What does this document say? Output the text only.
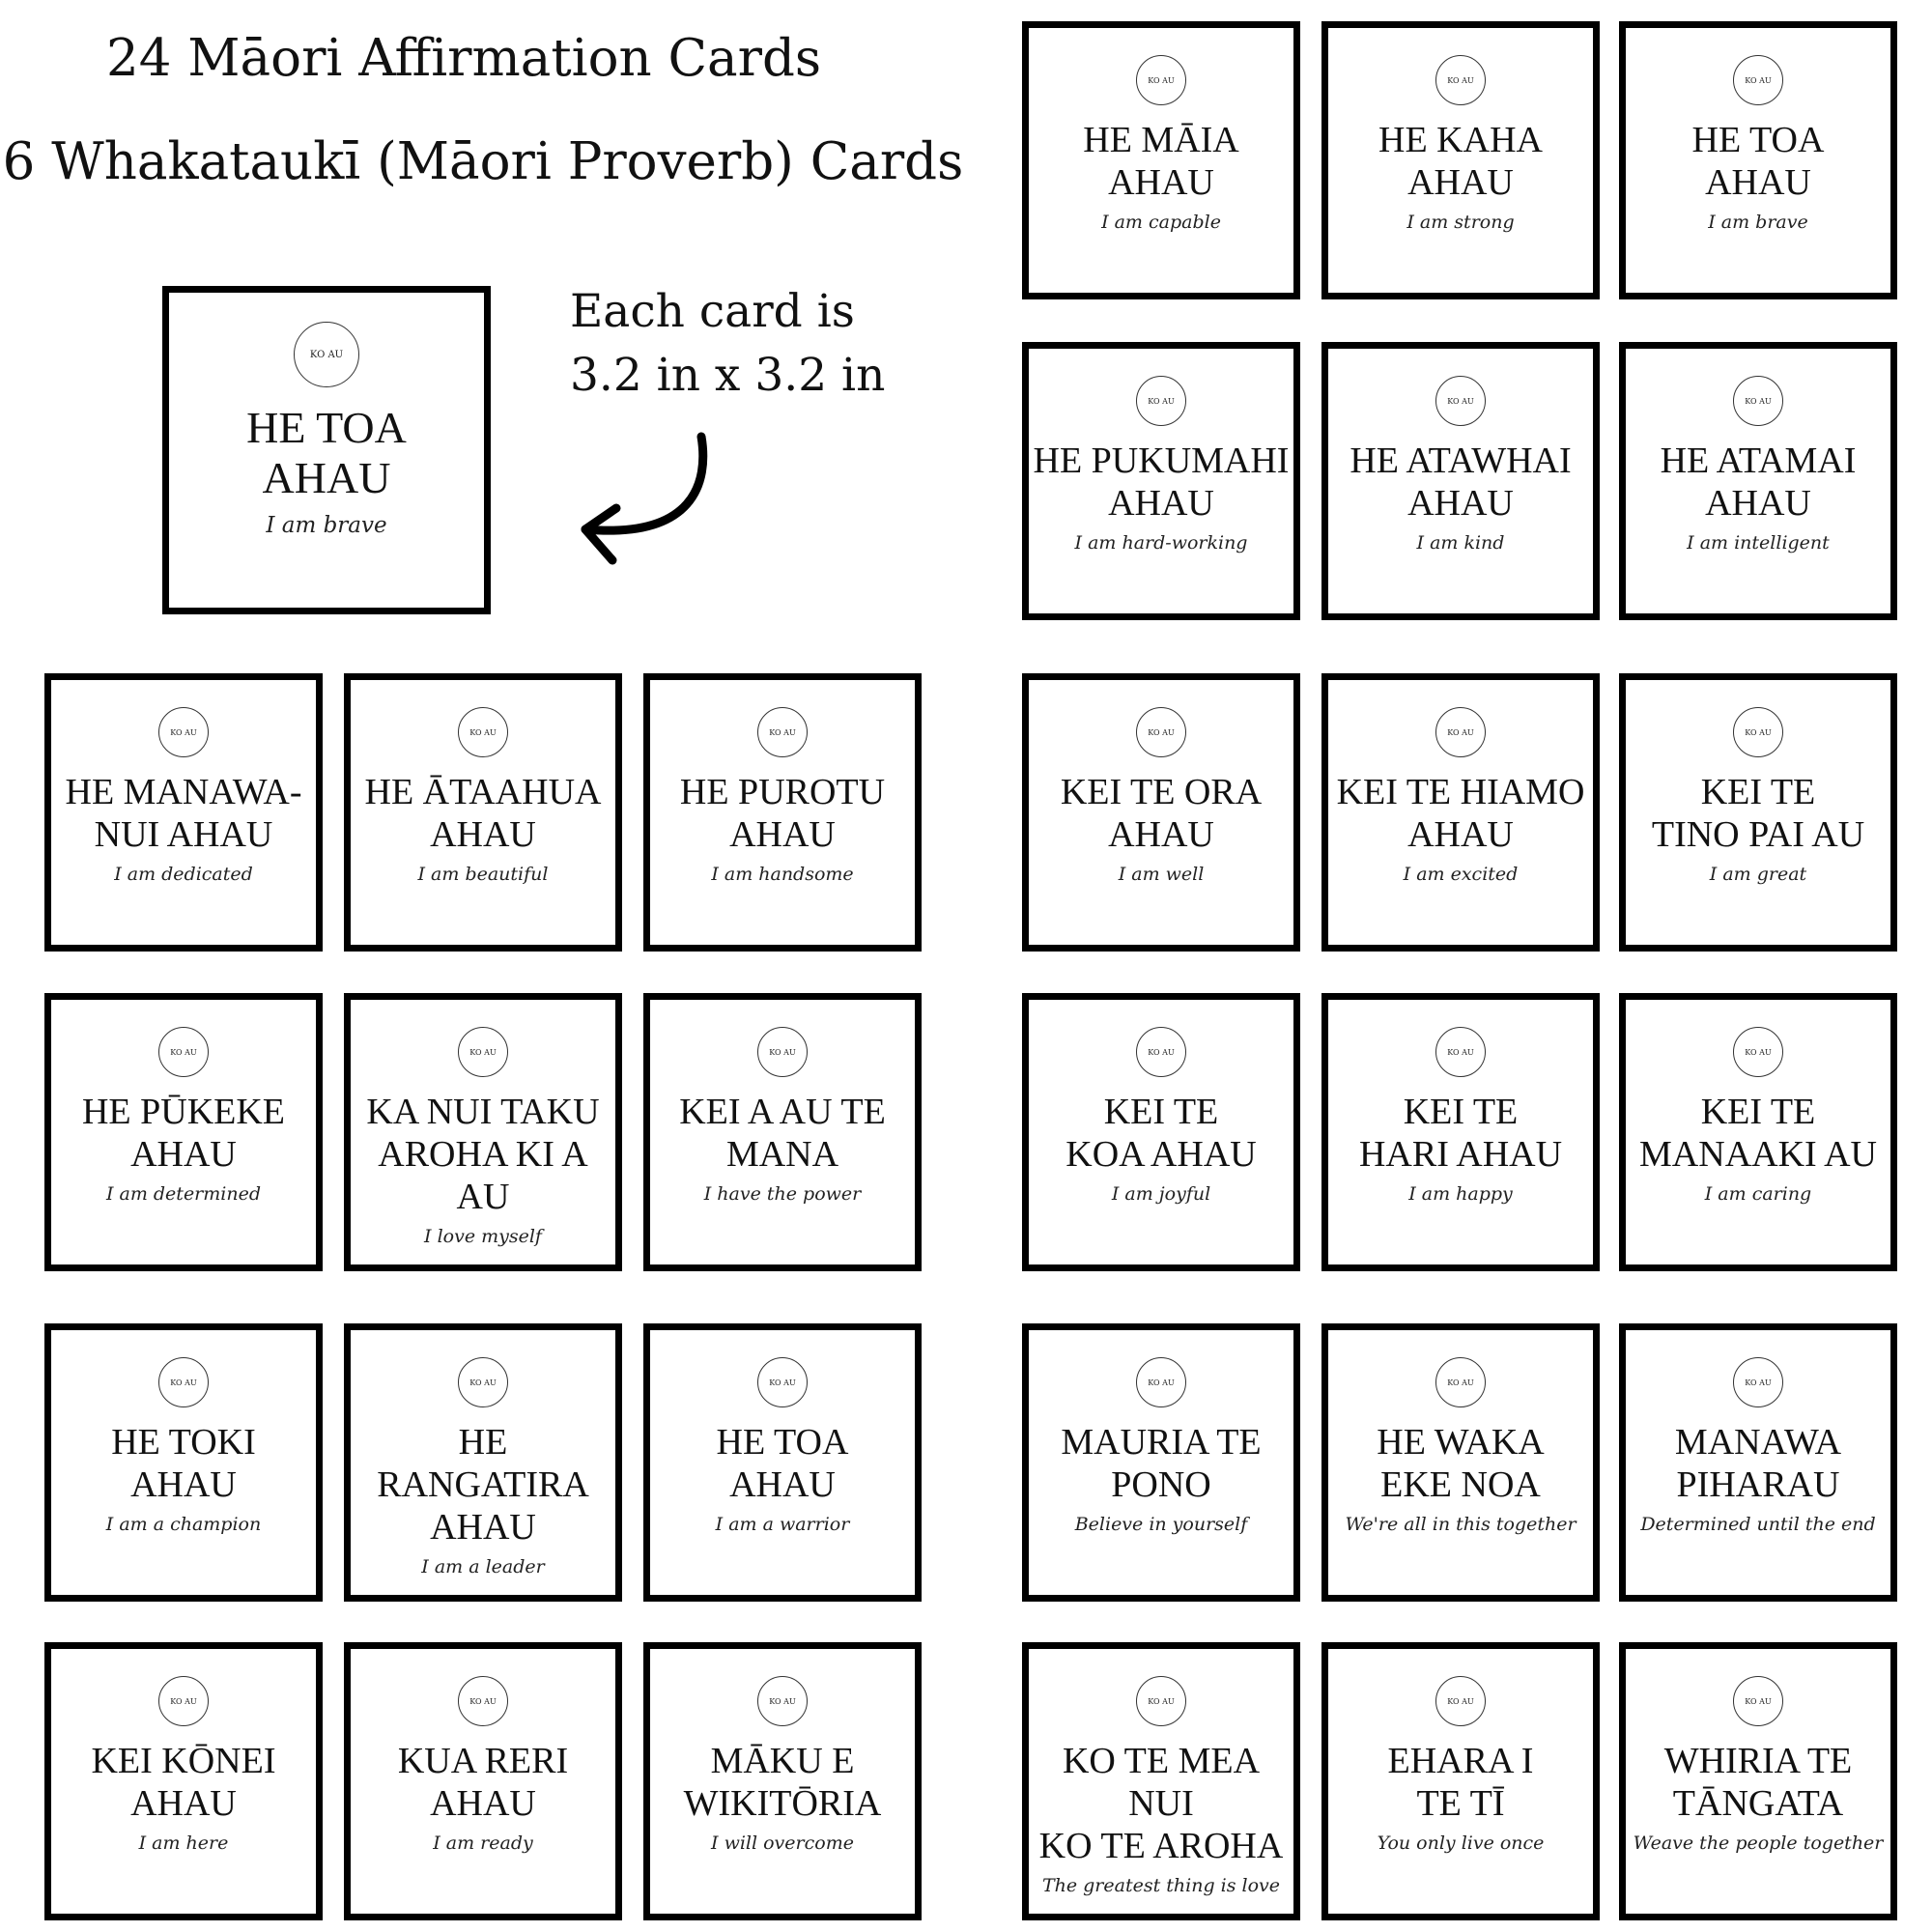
24 Māori Affirmation Cards
6 Whakataukī (Māori Proverb) Cards
Each card is
3.2 in x 3.2 in
KO AU
HE TOA
AHAU
I am brave
KO AU
HE MĀIA
AHAU
I am capable
KO AU
HE KAHA
AHAU
I am strong
KO AU
HE TOA
AHAU
I am brave
KO AU
HE PUKUMAHI
AHAU
I am hard-working
KO AU
HE ATAWHAI
AHAU
I am kind
KO AU
HE ATAMAI
AHAU
I am intelligent
KO AU
HE MANAWA-
NUI AHAU
I am dedicated
KO AU
HE ĀTAAHUA
AHAU
I am beautiful
KO AU
HE PUROTU
AHAU
I am handsome
KO AU
KEI TE ORA
AHAU
I am well
KO AU
KEI TE HIAMO
AHAU
I am excited
KO AU
KEI TE
TINO PAI AU
I am great
KO AU
HE PŪKEKE
AHAU
I am determined
KO AU
KA NUI TAKU
AROHA KI A AU
I love myself
KO AU
KEI A AU TE
MANA
I have the power
KO AU
KEI TE
KOA AHAU
I am joyful
KO AU
KEI TE
HARI AHAU
I am happy
KO AU
KEI TE
MANAAKI AU
I am caring
KO AU
HE TOKI
AHAU
I am a champion
KO AU
HE RANGATIRA
AHAU
I am a leader
KO AU
HE TOA
AHAU
I am a warrior
KO AU
MAURIA TE
PONO
Believe in yourself
KO AU
HE WAKA
EKE NOA
We're all in this together
KO AU
MANAWA
PIHARAU
Determined until the end
KO AU
KEI KŌNEI
AHAU
I am here
KO AU
KUA RERI
AHAU
I am ready
KO AU
MĀKU E
WIKITŌRIA
I will overcome
KO AU
KO TE MEA NUI
KO TE AROHA
The greatest thing is love
KO AU
EHARA I
TE TĪ
You only live once
KO AU
WHIRIA TE
TĀNGATA
Weave the people together
